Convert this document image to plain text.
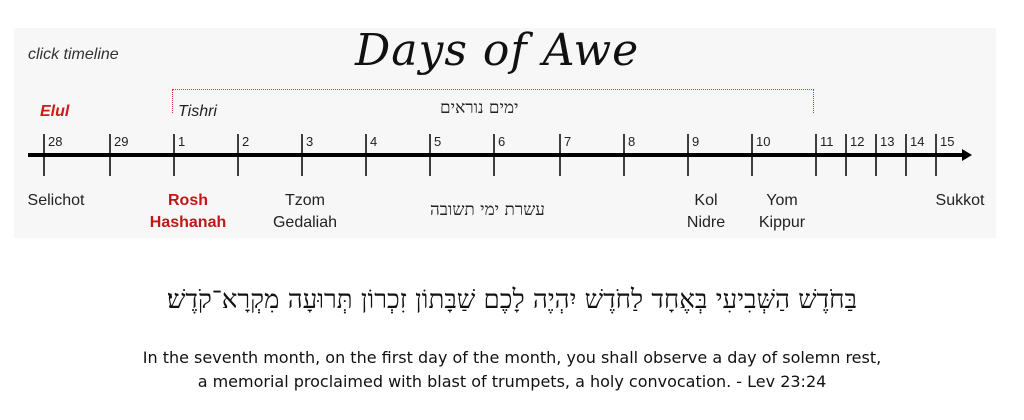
click timeline	Days of Awe
Elul	Tishri	ימים נוראים
28	29	1	2	3	4	5	6	7	8	9	10	11 12 13 14 15
Selichot	Rosh
Hashanah
Tzom
Gedaliah
Kol
Nidre
Yom
Kippur
Sukkot
עשרת ימי תשובה
בַּחֹדֶשׁ הַשְּׁבִיעִי בְּאֶחָד לַחֹדֶשׁ יִהְיֶה לָכֶם שַׁבָּתוֹן זִכְרוֹן תְּרוּעָה מִקְרָא־קֹדֶשׁ׃
In the seventh month, on the first day of the month, you shall observe a day of solemn rest,
a memorial proclaimed with blast of trumpets, a holy convocation. - Lev 23:24
